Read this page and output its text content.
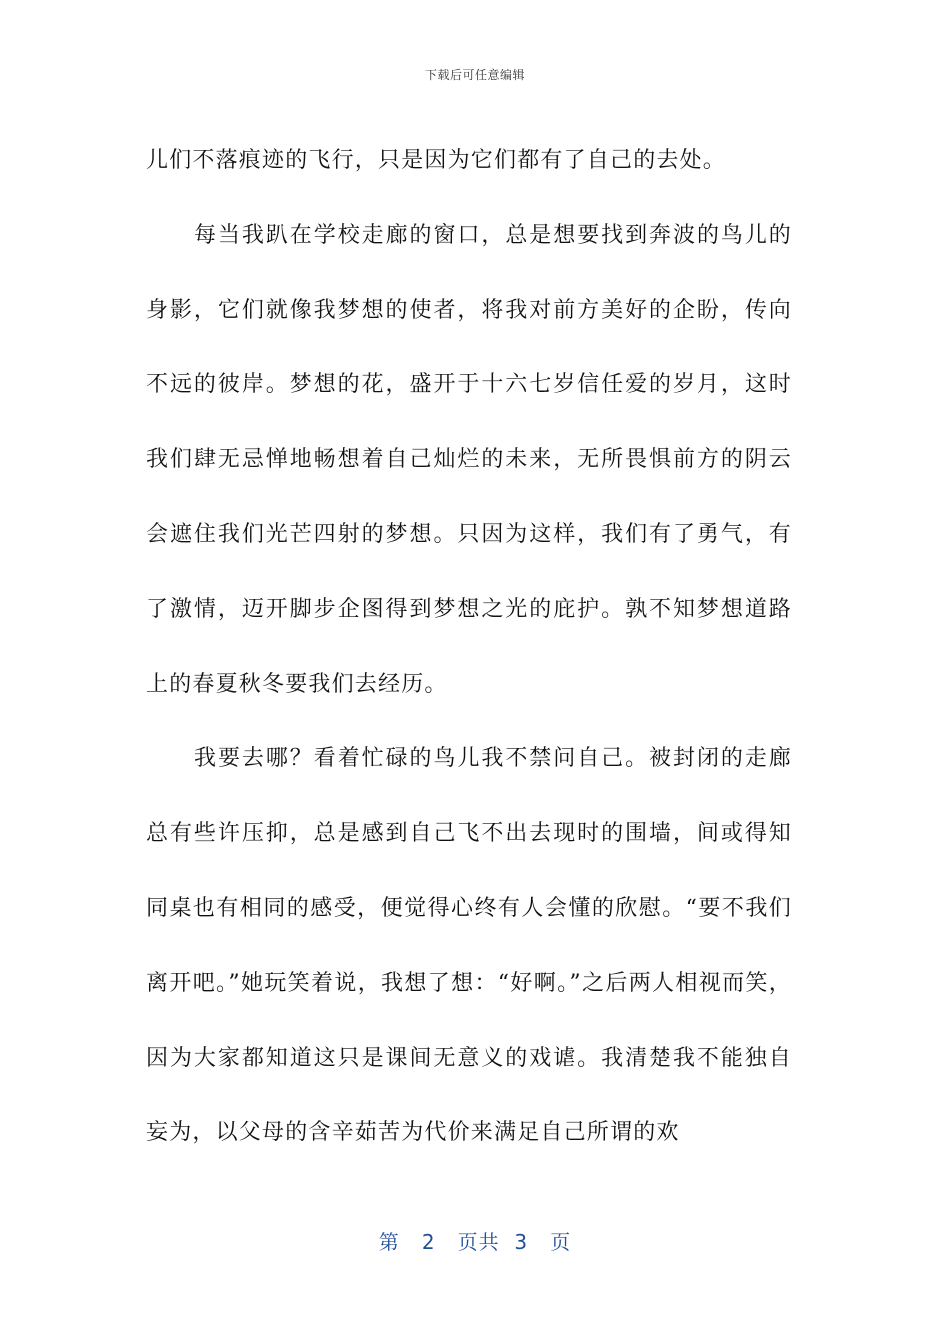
下载后可任意编辑

儿们不落痕迹的飞行，只是因为它们都有了自己的去处。

每当我趴在学校走廊的窗口，总是想要找到奔波的鸟儿的身影，它们就像我梦想的使者，将我对前方美好的企盼，传向不远的彼岸。梦想的花，盛开于十六七岁信任爱的岁月，这时我们肆无忌惮地畅想着自己灿烂的未来，无所畏惧前方的阴云会遮住我们光芒四射的梦想。只因为这样，我们有了勇气，有了激情，迈开脚步企图得到梦想之光的庇护。孰不知梦想道路上的春夏秋冬要我们去经历。

我要去哪？看着忙碌的鸟儿我不禁问自己。被封闭的走廊总有些许压抑，总是感到自己飞不出去现时的围墙，间或得知同桌也有相同的感受，便觉得心终有人会懂的欣慰。“要不我们离开吧。”她玩笑着说，我想了想：“好啊。”之后两人相视而笑，因为大家都知道这只是课间无意义的戏谑。我清楚我不能独自妄为，以父母的含辛茹苦为代价来满足自己所谓的欢

第 2 页共 3 页
